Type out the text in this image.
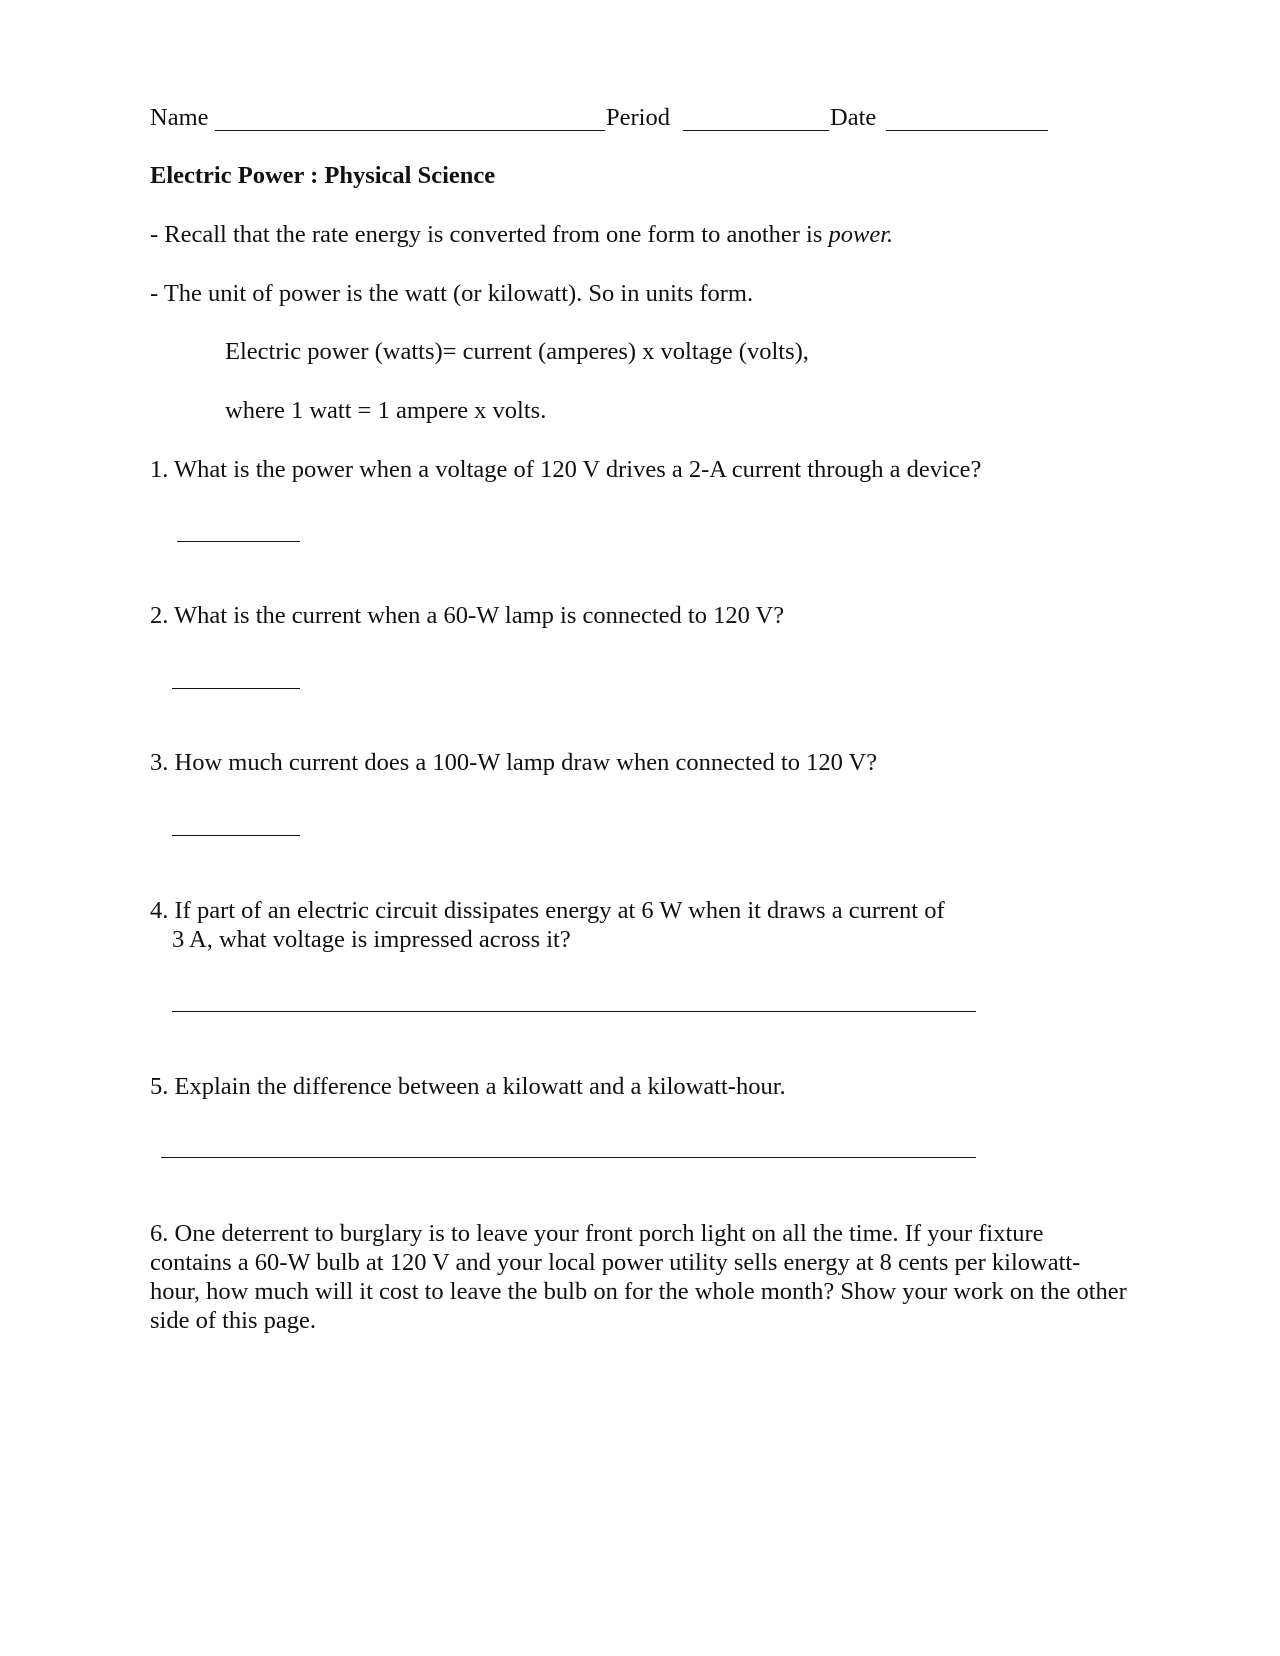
Name	Period	Date
Electric Power : Physical Science
- Recall that the rate energy is converted from one form to another is power.
- The unit of power is the watt (or kilowatt). So in units form.
Electric power (watts)= current (amperes) x voltage (volts),
where 1 watt = 1 ampere x volts.
1. What is the power when a voltage of 120 V drives a 2-A current through a device?
2. What is the current when a 60-W lamp is connected to 120 V?
3. How much current does a 100-W lamp draw when connected to 120 V?
4. If part of an electric circuit dissipates energy at 6 W when it draws a current of
3 A, what voltage is impressed across it?
5. Explain the difference between a kilowatt and a kilowatt-hour.
6. One deterrent to burglary is to leave your front porch light on all the time. If your fixture contains a 60-W bulb at 120 V and your local power utility sells energy at 8 cents per kilowatt-hour, how much will it cost to leave the bulb on for the whole month? Show your work on the other side of this page.
